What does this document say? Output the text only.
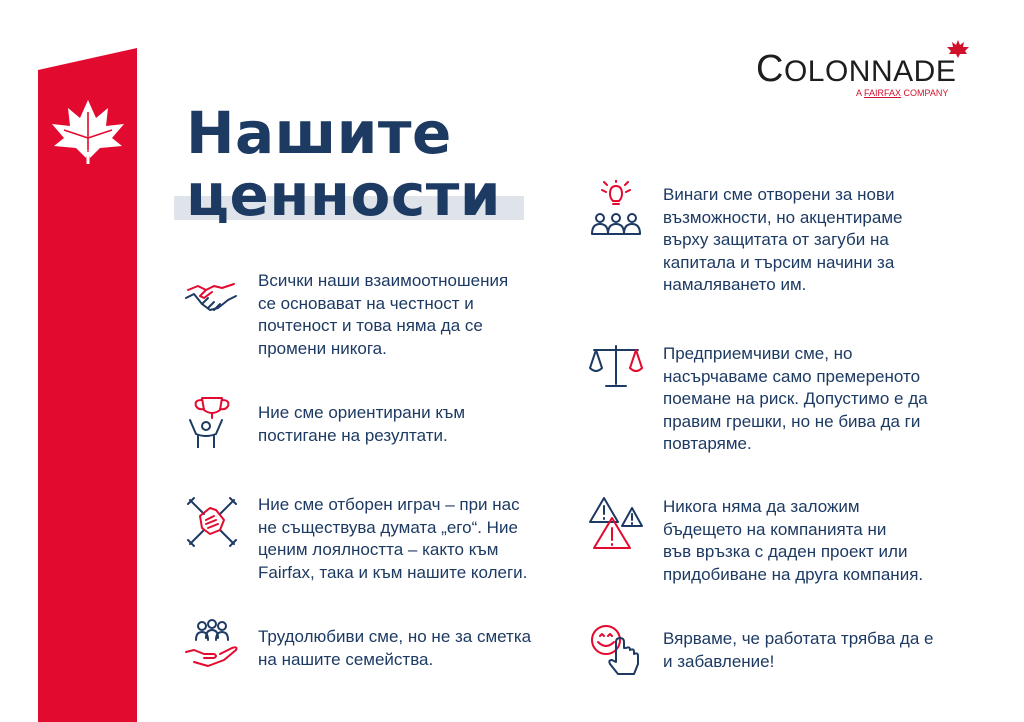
COLONNADE
A FAIRFAX COMPANY
Нашите
ценности

Всички наши взаимоотношения
се основават на честност и
почтеност и това няма да се
промени никога.

Ние сме ориентирани към
постигане на резултати.

Ние сме отборен играч – при нас
не съществува думата „его“. Ние
ценим лоялността – както към
Fairfax, така и към нашите колеги.

Трудолюбиви сме, но не за сметка
на нашите семейства.

Винаги сме отворени за нови
възможности, но акцентираме
върху защитата от загуби на
капитала и търсим начини за
намаляването им.

Предприемчиви сме, но
насърчаваме само премереното
поемане на риск. Допустимо е да
правим грешки, но не бива да ги
повтаряме.

Никога няма да заложим
бъдещето на компанията ни
във връзка с даден проект или
придобиване на друга компания.

Вярваме, че работата трябва да е
и забавление!
